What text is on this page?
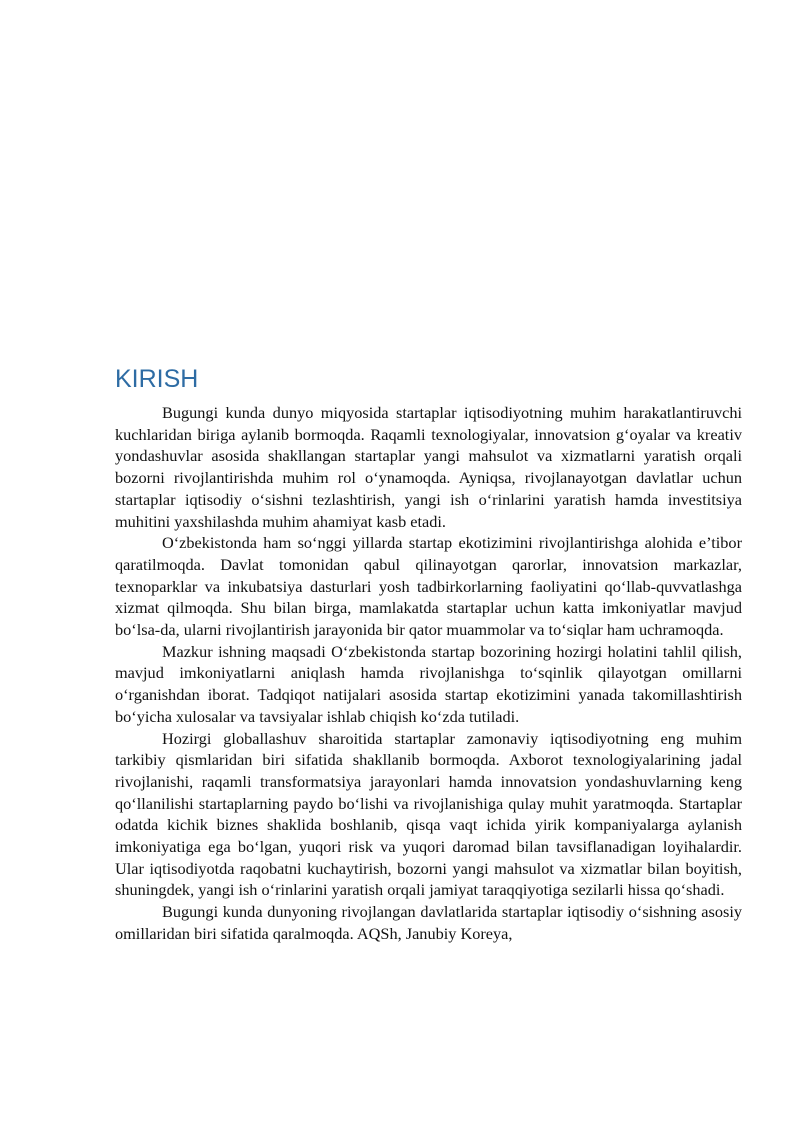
KIRISH

Bugungi kunda dunyo miqyosida startaplar iqtisodiyotning muhim harakatlantiruvchi kuchlaridan biriga aylanib bormoqda. Raqamli texnologiyalar, innovatsion g‘oyalar va kreativ yondashuvlar asosida shakllangan startaplar yangi mahsulot va xizmatlarni yaratish orqali bozorni rivojlantirishda muhim rol o‘ynamoqda. Ayniqsa, rivojlanayotgan davlatlar uchun startaplar iqtisodiy o‘sishni tezlashtirish, yangi ish o‘rinlarini yaratish hamda investitsiya muhitini yaxshilashda muhim ahamiyat kasb etadi.

O‘zbekistonda ham so‘nggi yillarda startap ekotizimini rivojlantirishga alohida e’tibor qaratilmoqda. Davlat tomonidan qabul qilinayotgan qarorlar, innovatsion markazlar, texnoparklar va inkubatsiya dasturlari yosh tadbirkorlarning faoliyatini qo‘llab-quvvatlashga xizmat qilmoqda. Shu bilan birga, mamlakatda startaplar uchun katta imkoniyatlar mavjud bo‘lsa-da, ularni rivojlantirish jarayonida bir qator muammolar va to‘siqlar ham uchramoqda.

Mazkur ishning maqsadi O‘zbekistonda startap bozorining hozirgi holatini tahlil qilish, mavjud imkoniyatlarni aniqlash hamda rivojlanishga to‘sqinlik qilayotgan omillarni o‘rganishdan iborat. Tadqiqot natijalari asosida startap ekotizimini yanada takomillashtirish bo‘yicha xulosalar va tavsiyalar ishlab chiqish ko‘zda tutiladi.

Hozirgi globallashuv sharoitida startaplar zamonaviy iqtisodiyotning eng muhim tarkibiy qismlaridan biri sifatida shakllanib bormoqda. Axborot texnologiyalarining jadal rivojlanishi, raqamli transformatsiya jarayonlari hamda innovatsion yondashuvlarning keng qo‘llanilishi startaplarning paydo bo‘lishi va rivojlanishiga qulay muhit yaratmoqda. Startaplar odatda kichik biznes shaklida boshlanib, qisqa vaqt ichida yirik kompaniyalarga aylanish imkoniyatiga ega bo‘lgan, yuqori risk va yuqori daromad bilan tavsiflanadigan loyihalardir. Ular iqtisodiyotda raqobatni kuchaytirish, bozorni yangi mahsulot va xizmatlar bilan boyitish, shuningdek, yangi ish o‘rinlarini yaratish orqali jamiyat taraqqiyotiga sezilarli hissa qo‘shadi.

Bugungi kunda dunyoning rivojlangan davlatlarida startaplar iqtisodiy o‘sishning asosiy omillaridan biri sifatida qaralmoqda. AQSh, Janubiy Koreya,
